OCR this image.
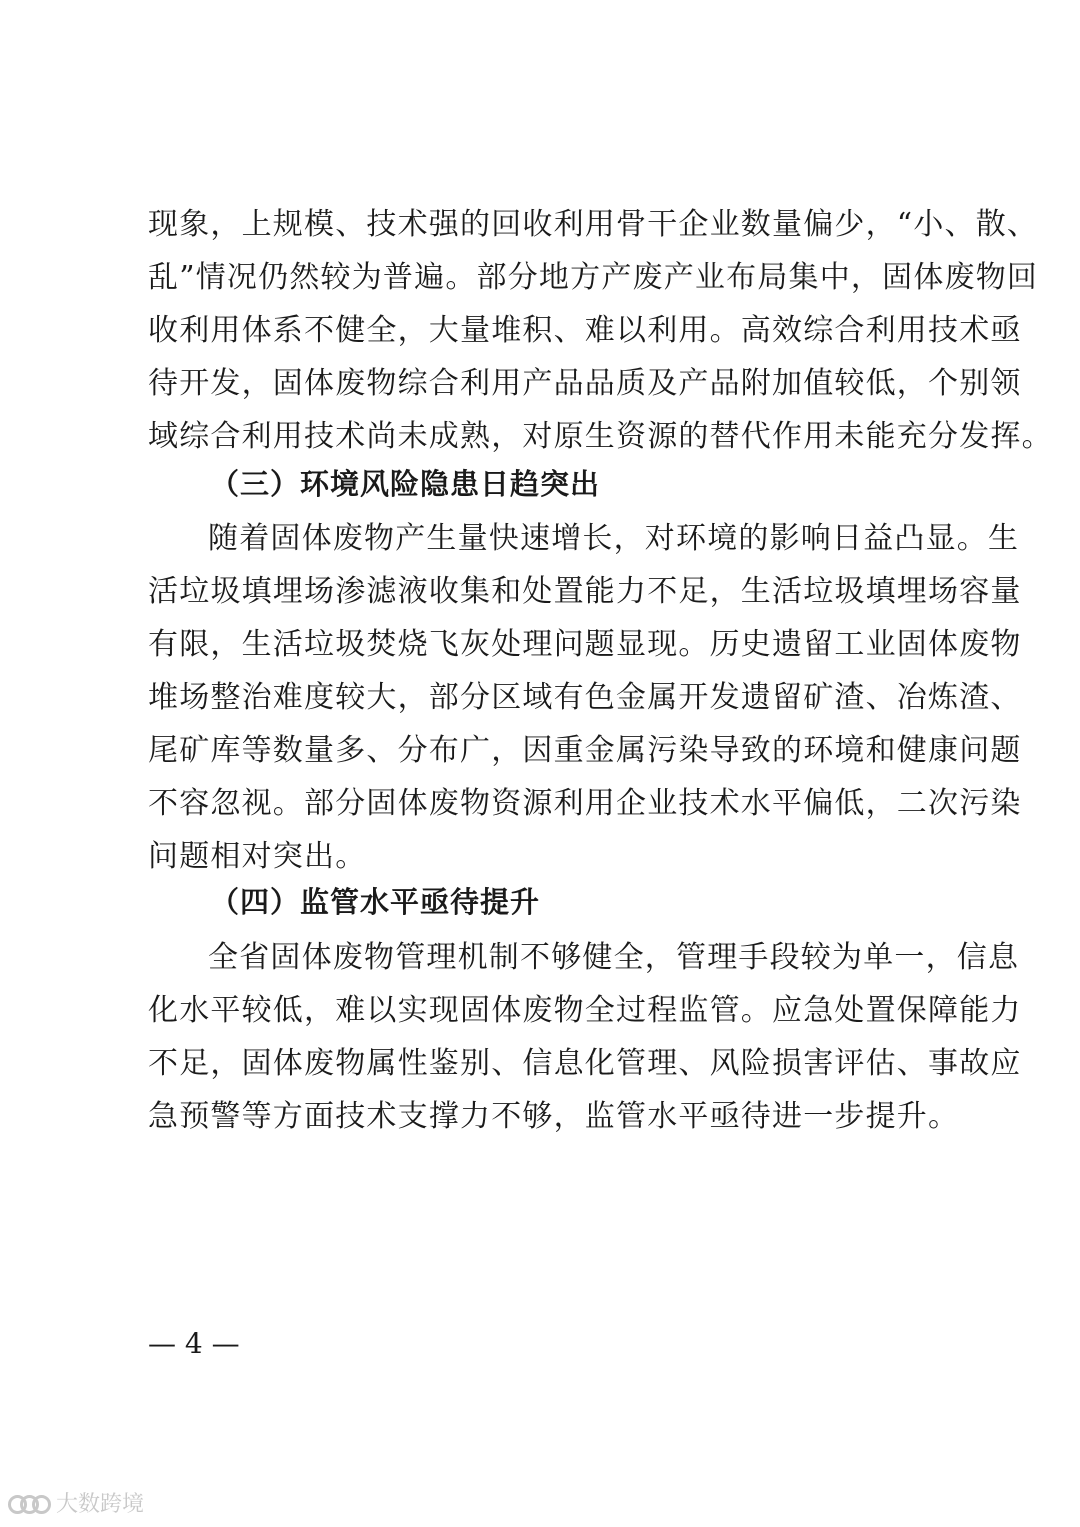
现象，上规模、技术强的回收利用骨干企业数量偏少，“小、散、
乱”情况仍然较为普遍。部分地方产废产业布局集中，固体废物回
收利用体系不健全，大量堆积、难以利用。高效综合利用技术亟
待开发，固体废物综合利用产品品质及产品附加值较低，个别领
域综合利用技术尚未成熟，对原生资源的替代作用未能充分发挥。
（三）环境风险隐患日趋突出
随着固体废物产生量快速增长，对环境的影响日益凸显。生
活垃圾填埋场渗滤液收集和处置能力不足，生活垃圾填埋场容量
有限，生活垃圾焚烧飞灰处理问题显现。历史遗留工业固体废物
堆场整治难度较大，部分区域有色金属开发遗留矿渣、冶炼渣、
尾矿库等数量多、分布广，因重金属污染导致的环境和健康问题
不容忽视。部分固体废物资源利用企业技术水平偏低，二次污染
问题相对突出。
（四）监管水平亟待提升
全省固体废物管理机制不够健全，管理手段较为单一，信息
化水平较低，难以实现固体废物全过程监管。应急处置保障能力
不足，固体废物属性鉴别、信息化管理、风险损害评估、事故应
急预警等方面技术支撑力不够，监管水平亟待进一步提升。
— 4 —
大数跨境
